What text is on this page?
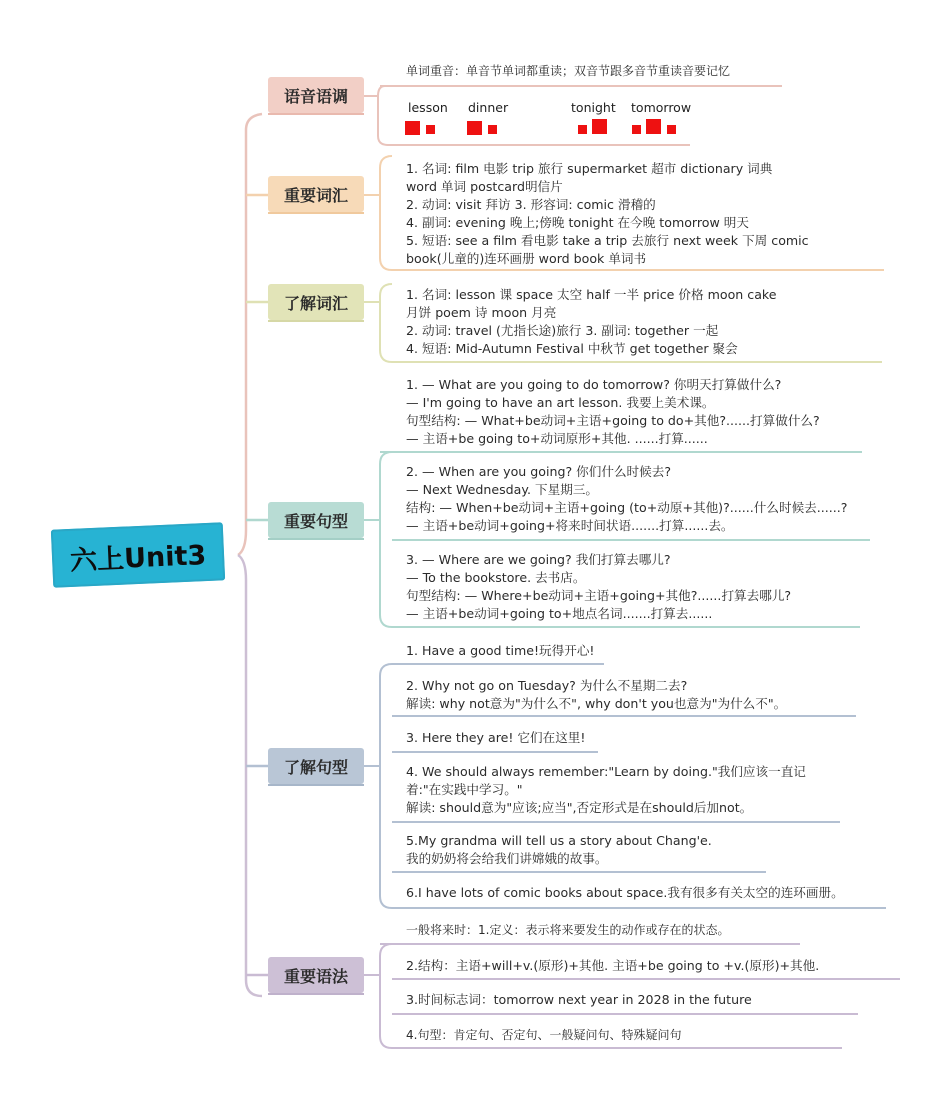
六上Unit3
语音语调
重要词汇
了解词汇
重要句型
了解句型
重要语法
单词重音：单音节单词都重读；双音节跟多音节重读音要记忆
lesson dinner	tonight tomorrow
1. 名词: film 电影 trip 旅行 supermarket 超市 dictionary 词典
word 单词 postcard明信片
2. 动词: visit 拜访 3. 形容词: comic 滑稽的
4. 副词: evening 晚上;傍晚 tonight 在今晚 tomorrow 明天
5. 短语: see a film 看电影 take a trip 去旅行 next week 下周 comic
book(儿童的)连环画册 word book 单词书
1. 名词: lesson 课 space 太空 half 一半 price 价格 moon cake
月饼 poem 诗 moon 月亮
2. 动词: travel (尤指长途)旅行 3. 副词: together 一起
4. 短语: Mid-Autumn Festival 中秋节 get together 聚会
1. — What are you going to do tomorrow? 你明天打算做什么?
— I'm going to have an art lesson. 我要上美术课。
句型结构: — What+be动词+主语+going to do+其他?......打算做什么?
— 主语+be going to+动词原形+其他. ......打算......
2. — When are you going? 你们什么时候去?
— Next Wednesday. 下星期三。
结构: — When+be动词+主语+going (to+动原+其他)?......什么时候去......?
— 主语+be动词+going+将来时间状语.......打算......去。
3. — Where are we going? 我们打算去哪儿?
— To the bookstore. 去书店。
句型结构: — Where+be动词+主语+going+其他?......打算去哪儿?
— 主语+be动词+going to+地点名词.......打算去......
1. Have a good time!玩得开心!
2. Why not go on Tuesday? 为什么不星期二去?
解读: why not意为"为什么不", why don't you也意为"为什么不"。
3. Here they are! 它们在这里!
4. We should always remember:"Learn by doing."我们应该一直记
着:"在实践中学习。"
解读: should意为"应该;应当",否定形式是在should后加not。
5.My grandma will tell us a story about Chang'e.
我的奶奶将会给我们讲嫦娥的故事。
6.I have lots of comic books about space.我有很多有关太空的连环画册。
一般将来时：1.定义：表示将来要发生的动作或存在的状态。
2.结构：主语+will+v.(原形)+其他. 主语+be going to +v.(原形)+其他.
3.时间标志词：tomorrow next year in 2028 in the future
4.句型：肯定句、否定句、一般疑问句、特殊疑问句
